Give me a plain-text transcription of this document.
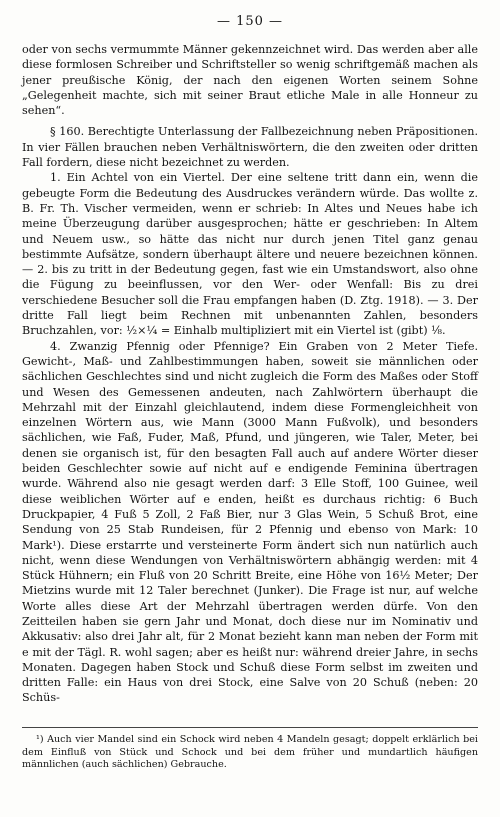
— 150 —

oder von sechs vermummte Männer gekennzeichnet wird. Das werden aber alle diese formlosen Schreiber und Schriftsteller so wenig schriftgemäß machen als jener preußische König, der nach den eigenen Worten seinem Sohne „Gelegenheit machte, sich mit seiner Braut etliche Male in alle Honneur zu sehen“.

§ 160. Berechtigte Unterlassung der Fallbezeichnung neben Präpositionen. In vier Fällen brauchen neben Verhältniswörtern, die den zweiten oder dritten Fall fordern, diese nicht bezeichnet zu werden.

1. Ein Achtel von ein Viertel. Der eine seltene tritt dann ein, wenn die gebeugte Form die Bedeutung des Ausdruckes verändern würde. Das wollte z. B. Fr. Th. Vischer vermeiden, wenn er schrieb: In Altes und Neues habe ich meine Überzeugung darüber ausgesprochen; hätte er geschrieben: In Altem und Neuem usw., so hätte das nicht nur durch jenen Titel ganz genau bestimmte Aufsätze, sondern überhaupt ältere und neuere bezeichnen können. — 2. bis zu tritt in der Bedeutung gegen, fast wie ein Umstandswort, also ohne die Fügung zu beeinflussen, vor den Wer- oder Wenfall: Bis zu drei verschiedene Besucher soll die Frau empfangen haben (D. Ztg. 1918). — 3. Der dritte Fall liegt beim Rechnen mit unbenannten Zahlen, besonders Bruchzahlen, vor: ½×¼ = Einhalb multipliziert mit ein Viertel ist (gibt) ⅛.

4. Zwanzig Pfennig oder Pfennige? Ein Graben von 2 Meter Tiefe. Gewicht-, Maß- und Zahlbestimmungen haben, soweit sie männlichen oder sächlichen Geschlechtes sind und nicht zugleich die Form des Maßes oder Stoff und Wesen des Gemessenen andeuten, nach Zahlwörtern überhaupt die Mehrzahl mit der Einzahl gleichlautend, indem diese Formengleichheit von einzelnen Wörtern aus, wie Mann (3000 Mann Fußvolk), und besonders sächlichen, wie Faß, Fuder, Maß, Pfund, und jüngeren, wie Taler, Meter, bei denen sie organisch ist, für den besagten Fall auch auf andere Wörter dieser beiden Geschlechter sowie auf nicht auf e endigende Feminina übertragen wurde. Während also nie gesagt werden darf: 3 Elle Stoff, 100 Guinee, weil diese weiblichen Wörter auf e enden, heißt es durchaus richtig: 6 Buch Druckpapier, 4 Fuß 5 Zoll, 2 Faß Bier, nur 3 Glas Wein, 5 Schuß Brot, eine Sendung von 25 Stab Rundeisen, für 2 Pfennig und ebenso von Mark: 10 Mark¹). Diese erstarrte und versteinerte Form ändert sich nun natürlich auch nicht, wenn diese Wendungen von Verhältniswörtern abhängig werden: mit 4 Stück Hühnern; ein Fluß von 20 Schritt Breite, eine Höhe von 16½ Meter; Der Mietzins wurde mit 12 Taler berechnet (Junker). Die Frage ist nur, auf welche Worte alles diese Art der Mehrzahl übertragen werden dürfe. Von den Zeitteilen haben sie gern Jahr und Monat, doch diese nur im Nominativ und Akkusativ: also drei Jahr alt, für 2 Monat bezieht kann man neben der Form mit e mit der Tägl. R. wohl sagen; aber es heißt nur: während dreier Jahre, in sechs Monaten. Dagegen haben Stock und Schuß diese Form selbst im zweiten und dritten Falle: ein Haus von drei Stock, eine Salve von 20 Schuß (neben: 20 Schüs-

¹) Auch vier Mandel sind ein Schock wird neben 4 Mandeln gesagt; doppelt erklärlich bei dem Einfluß von Stück und Schock und bei dem früher und mundartlich häufigen männlichen (auch sächlichen) Gebrauche.
